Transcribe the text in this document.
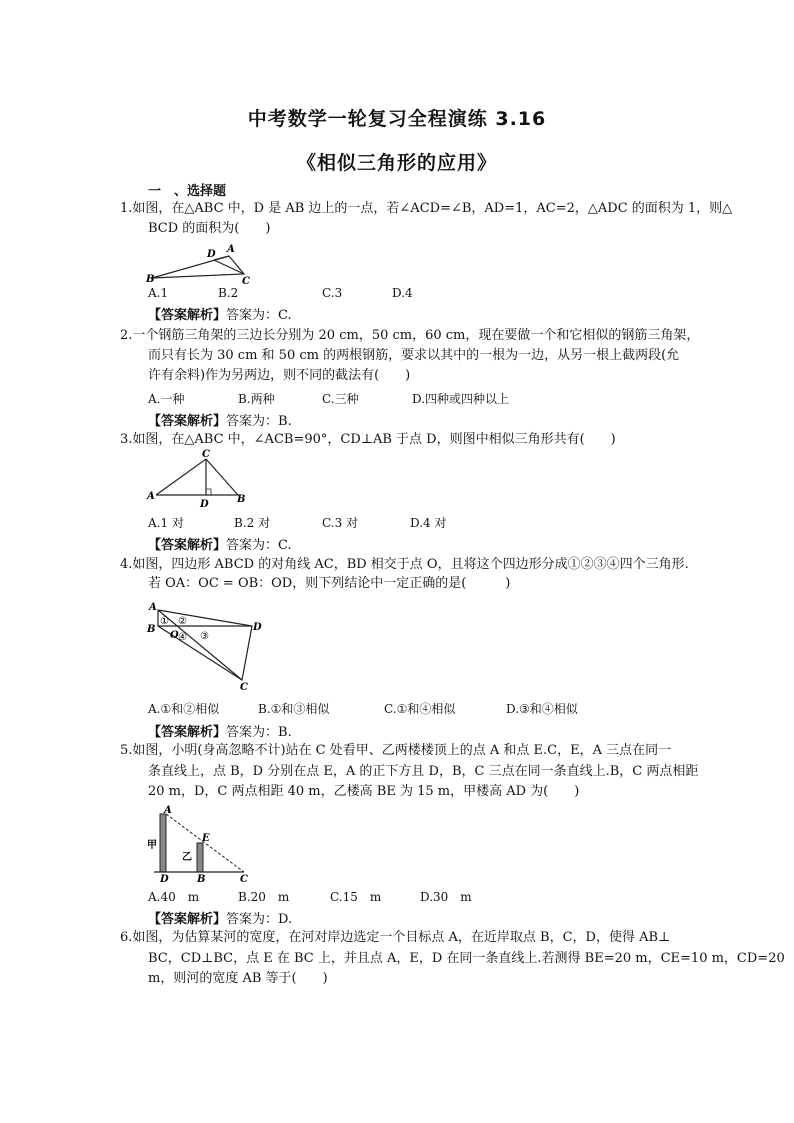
中考数学一轮复习全程演练 3.16
《相似三角形的应用》
一　、选择题
1.如图，在△ABC 中，D 是 AB 边上的一点，若∠ACD=∠B，AD=1，AC=2，△ADC 的面积为 1，则△
BCD 的面积为(　　)
B
D A
C
A.1	B.2	C.3	D.4
【答案解析】答案为：C.
2.一个钢筋三角架的三边长分别为 20 cm，50 cm，60 cm，现在要做一个和它相似的钢筋三角架，
而只有长为 30 cm 和 50 cm 的两根钢筋，要求以其中的一根为一边，从另一根上截两段(允
许有余料)作为另两边，则不同的截法有(　　)
A.一种	B.两种	C.三种	D.四种或四种以上
【答案解析】答案为：B.
3.如图，在△ABC 中，∠ACB=90°，CD⊥AB 于点 D，则图中相似三角形共有(　　)
C
A	B
D
A.1 对	B.2 对	C.3 对	D.4 对
【答案解析】答案为：C.
4.如图，四边形 ABCD 的对角线 AC，BD 相交于点 O，且将这个四边形分成①②③④四个三角形.
若 OA：OC = OB：OD，则下列结论中一定正确的是(　　　)
A
B
O
D
C
① ②
③
④
A.①和②相似	B.①和③相似	C.①和④相似	D.③和④相似
【答案解析】答案为：B.
5.如图，小明(身高忽略不计)站在 C 处看甲、乙两楼楼顶上的点 A 和点 E.C，E，A 三点在同一
条直线上，点 B，D 分别在点 E，A 的正下方且 D，B，C 三点在同一条直线上.B，C 两点相距
20 m，D，C 两点相距 40 m，乙楼高 BE 为 15 m，甲楼高 AD 为(　　)
A
E
甲
乙
D	B	C
A.40　m	B.20　m	C.15　m	D.30　m
【答案解析】答案为：D.
6.如图，为估算某河的宽度，在河对岸边选定一个目标点 A，在近岸取点 B，C，D，使得 AB⊥
BC，CD⊥BC，点 E 在 BC 上，并且点 A，E，D 在同一条直线上.若测得 BE=20 m，CE=10 m，CD=20
m，则河的宽度 AB 等于(　　)
